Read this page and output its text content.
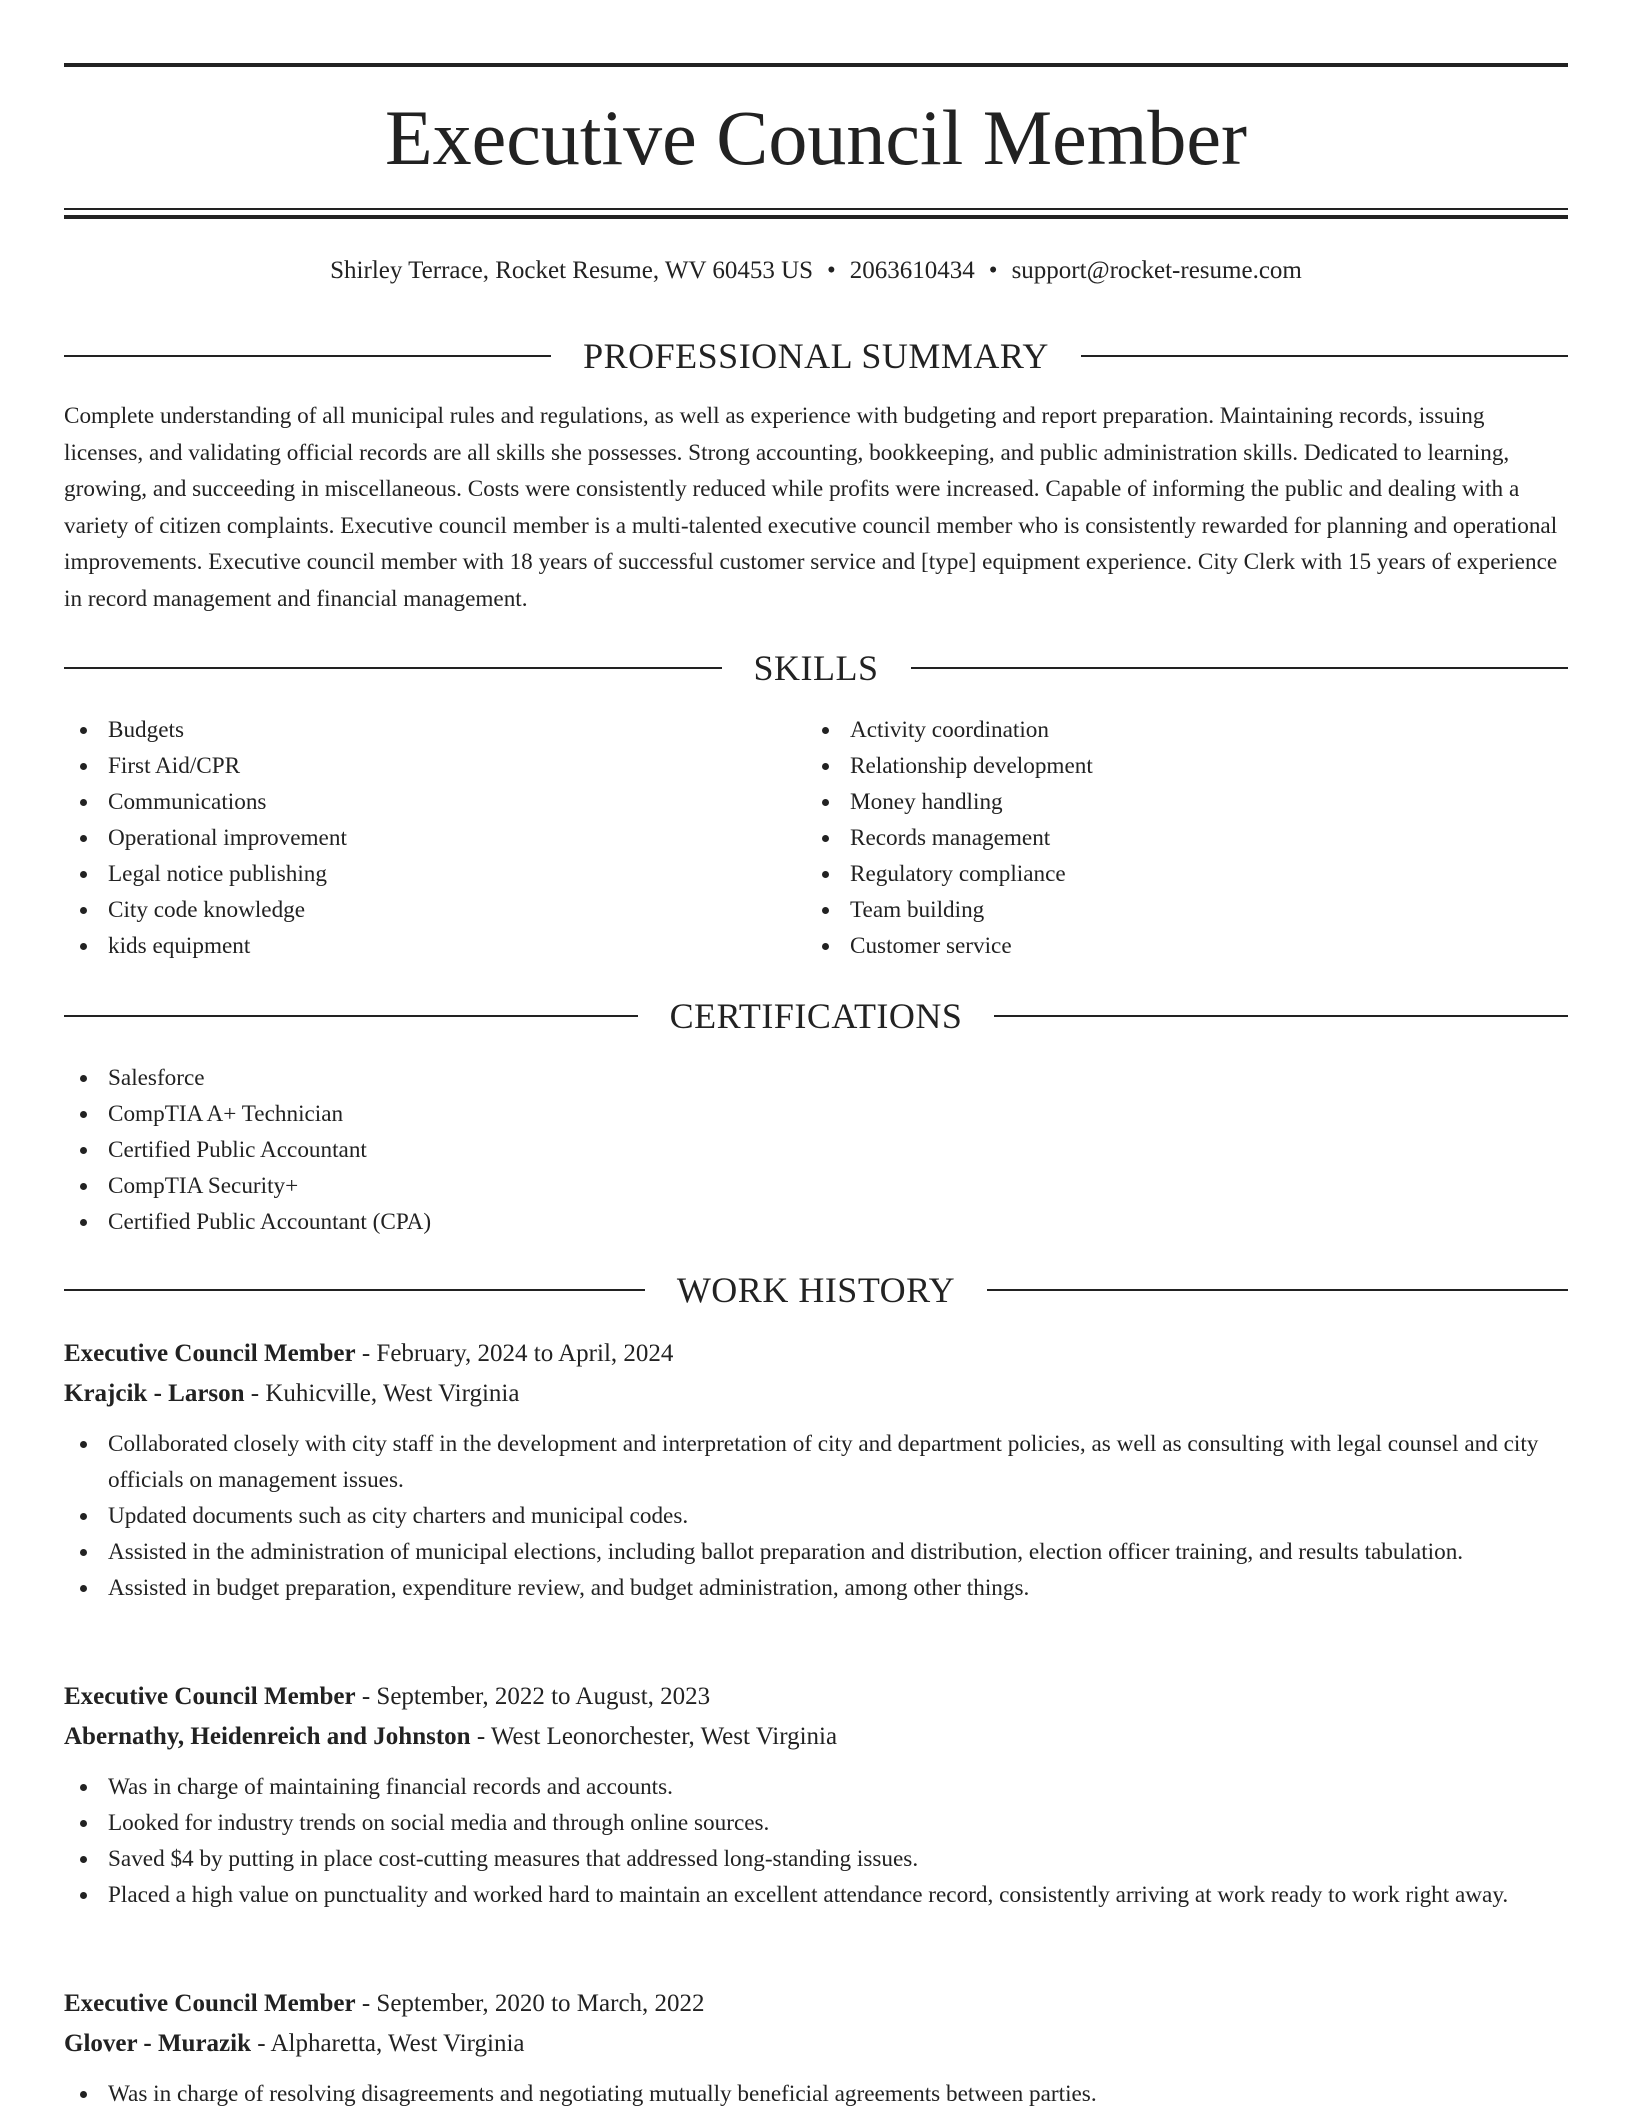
Executive Council Member
Shirley Terrace, Rocket Resume, WV 60453 US • 2063610434 • support@rocket-resume.com
PROFESSIONAL SUMMARY

Complete understanding of all municipal rules and regulations, as well as experience with budgeting and report preparation. Maintaining records, issuing licenses, and validating official records are all skills she possesses. Strong accounting, bookkeeping, and public administration skills. Dedicated to learning, growing, and succeeding in miscellaneous. Costs were consistently reduced while profits were increased. Capable of informing the public and dealing with a variety of citizen complaints. Executive council member is a multi-talented executive council member who is consistently rewarded for planning and operational improvements. Executive council member with 18 years of successful customer service and [type] equipment experience. City Clerk with 15 years of experience in record management and financial management.

SKILLS
Budgets
First Aid/CPR
Communications
Operational improvement
Legal notice publishing
City code knowledge
kids equipment
Activity coordination
Relationship development
Money handling
Records management
Regulatory compliance
Team building
Customer service
CERTIFICATIONS
Salesforce
CompTIA A+ Technician
Certified Public Accountant
CompTIA Security+
Certified Public Accountant (CPA)
WORK HISTORY
Executive Council Member - February, 2024 to April, 2024
Krajcik - Larson - Kuhicville, West Virginia
Collaborated closely with city staff in the development and interpretation of city and department policies, as well as consulting with legal counsel and city officials on management issues.
Updated documents such as city charters and municipal codes.
Assisted in the administration of municipal elections, including ballot preparation and distribution, election officer training, and results tabulation.
Assisted in budget preparation, expenditure review, and budget administration, among other things.
Executive Council Member - September, 2022 to August, 2023
Abernathy, Heidenreich and Johnston - West Leonorchester, West Virginia
Was in charge of maintaining financial records and accounts.
Looked for industry trends on social media and through online sources.
Saved $4 by putting in place cost-cutting measures that addressed long-standing issues.
Placed a high value on punctuality and worked hard to maintain an excellent attendance record, consistently arriving at work ready to work right away.
Executive Council Member - September, 2020 to March, 2022
Glover - Murazik - Alpharetta, West Virginia
Was in charge of resolving disagreements and negotiating mutually beneficial agreements between parties.
